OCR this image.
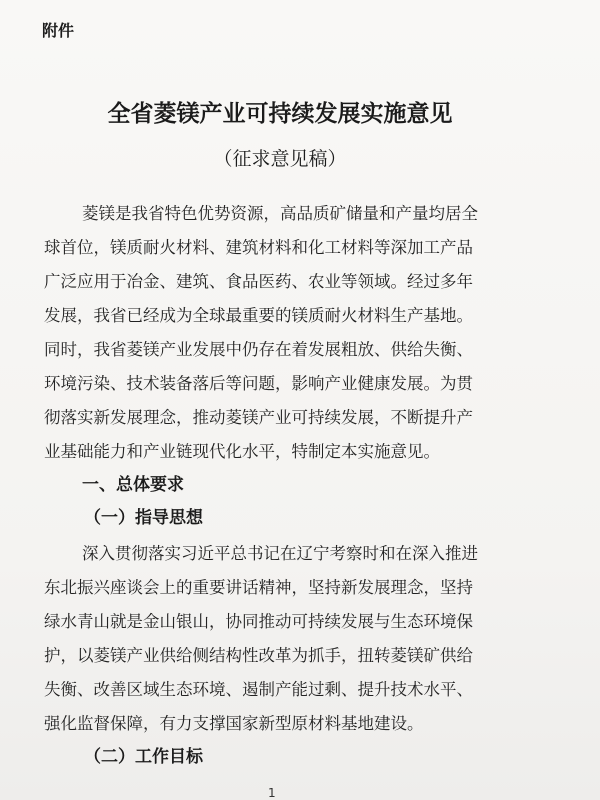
附件
全省菱镁产业可持续发展实施意见
（征求意见稿）
菱镁是我省特色优势资源，高品质矿储量和产量均居全
球首位，镁质耐火材料、建筑材料和化工材料等深加工产品
广泛应用于冶金、建筑、食品医药、农业等领域。经过多年
发展，我省已经成为全球最重要的镁质耐火材料生产基地。
同时，我省菱镁产业发展中仍存在着发展粗放、供给失衡、
环境污染、技术装备落后等问题，影响产业健康发展。为贯
彻落实新发展理念，推动菱镁产业可持续发展，不断提升产
业基础能力和产业链现代化水平，特制定本实施意见。
一、总体要求
（一）指导思想
深入贯彻落实习近平总书记在辽宁考察时和在深入推进
东北振兴座谈会上的重要讲话精神，坚持新发展理念，坚持
绿水青山就是金山银山，协同推动可持续发展与生态环境保
护，以菱镁产业供给侧结构性改革为抓手，扭转菱镁矿供给
失衡、改善区域生态环境、遏制产能过剩、提升技术水平、
强化监督保障，有力支撑国家新型原材料基地建设。
（二）工作目标
1
